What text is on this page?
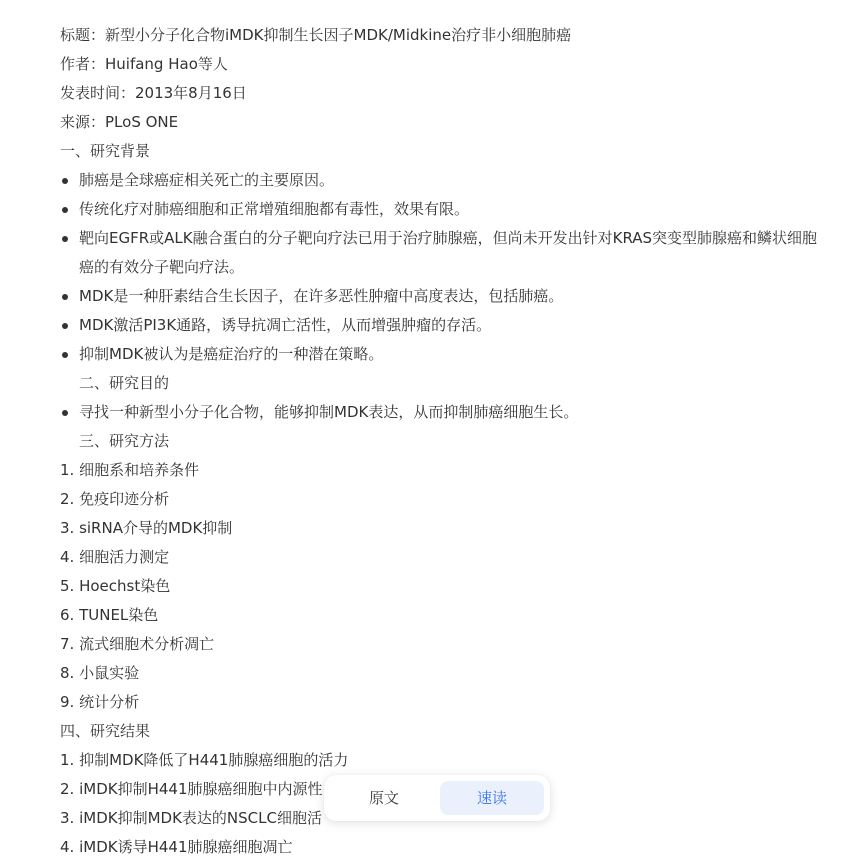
标题：新型小分子化合物iMDK抑制生长因子MDK/Midkine治疗非小细胞肺癌
作者：Huifang Hao等人
发表时间：2013年8月16日
来源：PLoS ONE
一、研究背景
肺癌是全球癌症相关死亡的主要原因。
传统化疗对肺癌细胞和正常增殖细胞都有毒性，效果有限。
靶向EGFR或ALK融合蛋白的分子靶向疗法已用于治疗肺腺癌，但尚未开发出针对KRAS突变型肺腺癌和鳞状细胞癌的有效分子靶向疗法。
MDK是一种肝素结合生长因子，在许多恶性肿瘤中高度表达，包括肺癌。
MDK激活PI3K通路，诱导抗凋亡活性，从而增强肿瘤的存活。
抑制MDK被认为是癌症治疗的一种潜在策略。
二、研究目的
寻找一种新型小分子化合物，能够抑制MDK表达，从而抑制肺癌细胞生长。
三、研究方法
1. 细胞系和培养条件
2. 免疫印迹分析
3. siRNA介导的MDK抑制
4. 细胞活力测定
5. Hoechst染色
6. TUNEL染色
7. 流式细胞术分析凋亡
8. 小鼠实验
9. 统计分析
四、研究结果
1. 抑制MDK降低了H441肺腺癌细胞的活力
2. iMDK抑制H441肺腺癌细胞中内源性
3. iMDK抑制MDK表达的NSCLC细胞活
4. iMDK诱导H441肺腺癌细胞凋亡
原文	速读
